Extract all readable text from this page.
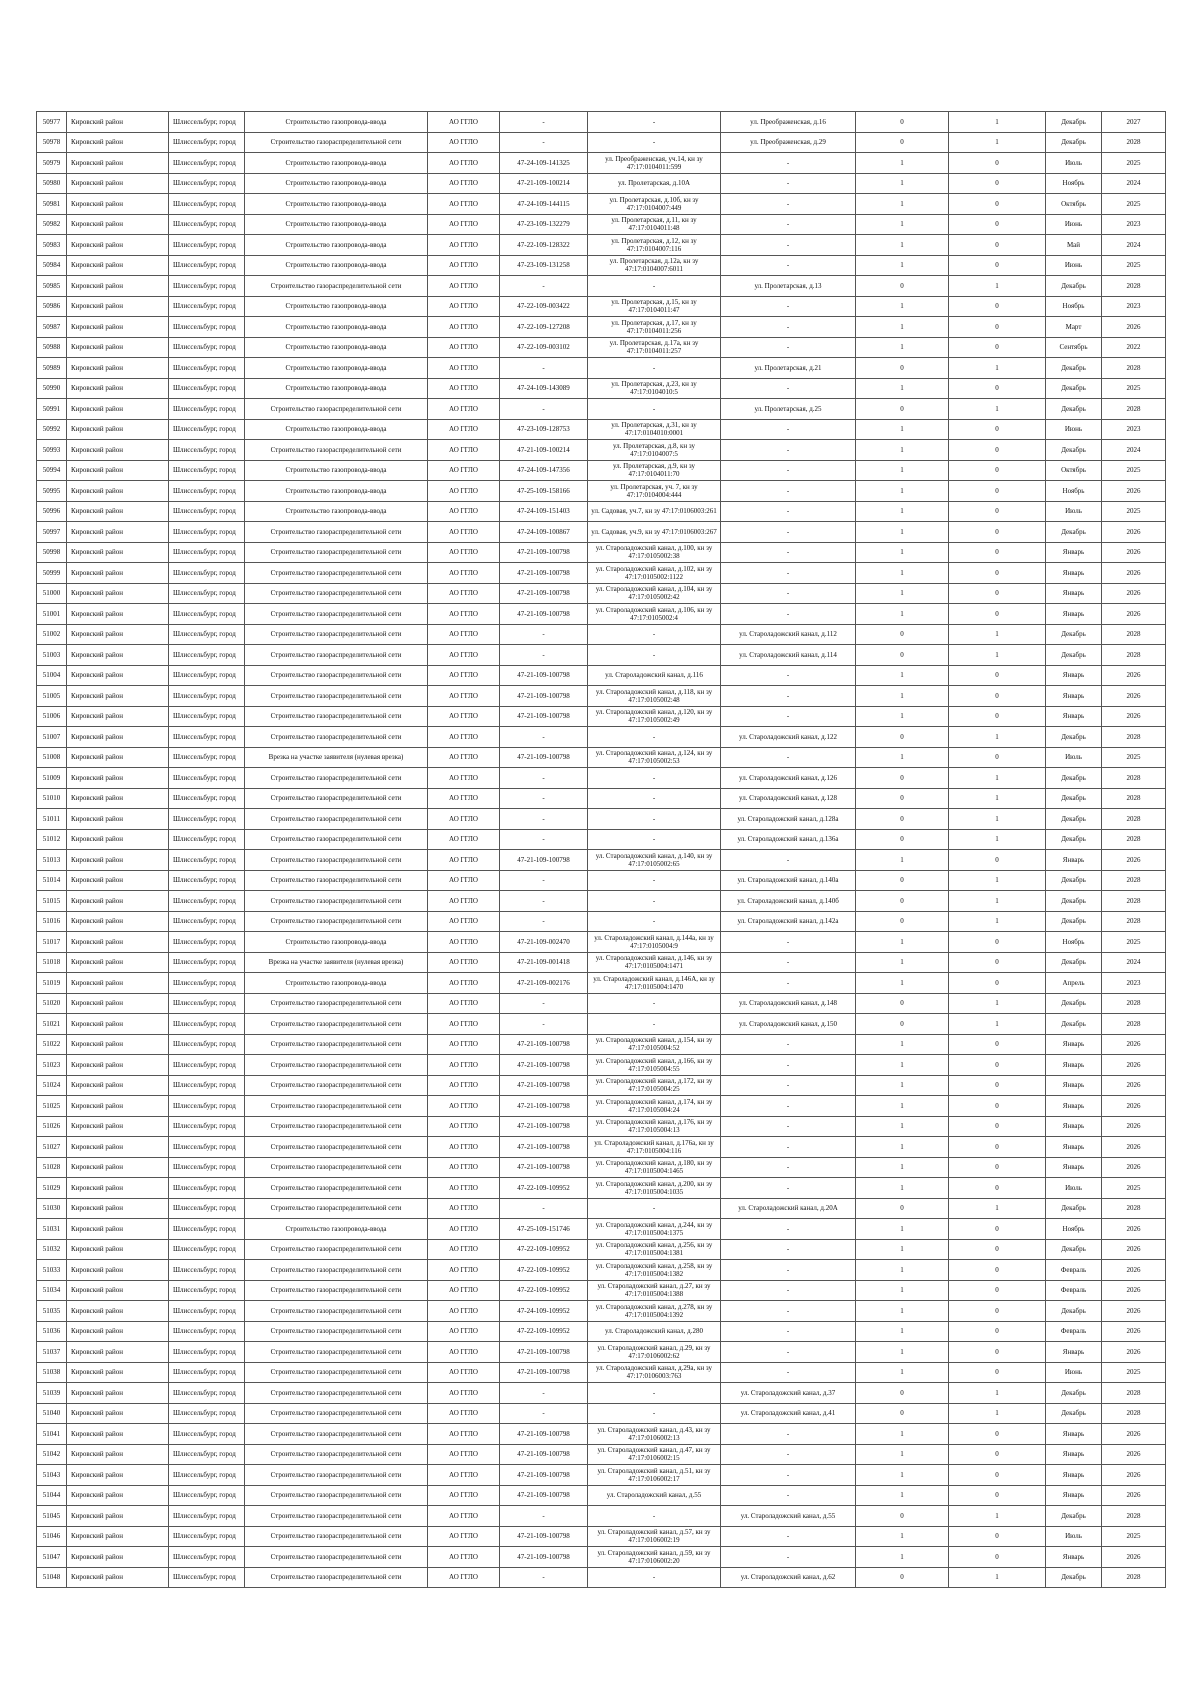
50977	Кировский район	Шлиссельбург, город	Строительство газопровода-ввода	АО ГГЛО	-	-	ул. Преображенская, д.16	0	1	Декабрь	2027
50978	Кировский район	Шлиссельбург, город	Строительство газораспределительной сети	АО ГГЛО	-	-	ул. Преображенская, д.29	0	1	Декабрь	2028
50979	Кировский район	Шлиссельбург, город	Строительство газопровода-ввода	АО ГГЛО	47-24-109-141325	ул. Преображенская, уч.14, кн зу 47:17:0104011:599	-	1	0	Июль	2025
50980	Кировский район	Шлиссельбург, город	Строительство газопровода-ввода	АО ГГЛО	47-21-109-100214	ул. Пролетарская, д.10А	-	1	0	Ноябрь	2024
50981	Кировский район	Шлиссельбург, город	Строительство газопровода-ввода	АО ГГЛО	47-24-109-144115	ул. Пролетарская, д.10б, кн зу 47:17:0104007:449	-	1	0	Октябрь	2025
50982	Кировский район	Шлиссельбург, город	Строительство газопровода-ввода	АО ГГЛО	47-23-109-132279	ул. Пролетарская, д.11, кн зу 47:17:0104011:48	-	1	0	Июнь	2023
50983	Кировский район	Шлиссельбург, город	Строительство газопровода-ввода	АО ГГЛО	47-22-109-128322	ул. Пролетарская, д.12, кн зу 47:17:0104007:116	-	1	0	Май	2024
50984	Кировский район	Шлиссельбург, город	Строительство газопровода-ввода	АО ГГЛО	47-23-109-131258	ул. Пролетарская, д.12а, кн зу 47:17:0104007:6011	-	1	0	Июнь	2025
50985	Кировский район	Шлиссельбург, город	Строительство газораспределительной сети	АО ГГЛО	-	-	ул. Пролетарская, д.13	0	1	Декабрь	2028
50986	Кировский район	Шлиссельбург, город	Строительство газопровода-ввода	АО ГГЛО	47-22-109-003422	ул. Пролетарская, д.15, кн зу 47:17:0104011:47	-	1	0	Ноябрь	2023
50987	Кировский район	Шлиссельбург, город	Строительство газопровода-ввода	АО ГГЛО	47-22-109-127208	ул. Пролетарская, д.17, кн зу 47:17:0104011:256	-	1	0	Март	2026
50988	Кировский район	Шлиссельбург, город	Строительство газопровода-ввода	АО ГГЛО	47-22-109-003102	ул. Пролетарская, д.17а, кн зу 47:17:0104011:257	-	1	0	Сентябрь	2022
50989	Кировский район	Шлиссельбург, город	Строительство газопровода-ввода	АО ГГЛО	-	-	ул. Пролетарская, д.21	0	1	Декабрь	2028
50990	Кировский район	Шлиссельбург, город	Строительство газопровода-ввода	АО ГГЛО	47-24-109-143089	ул. Пролетарская, д.23, кн зу 47:17:0104010:5	-	1	0	Декабрь	2025
50991	Кировский район	Шлиссельбург, город	Строительство газораспределительной сети	АО ГГЛО	-	-	ул. Пролетарская, д.25	0	1	Декабрь	2028
50992	Кировский район	Шлиссельбург, город	Строительство газопровода-ввода	АО ГГЛО	47-23-109-128753	ул. Пролетарская, д.31, кн зу 47:17:0104010:0001	-	1	0	Июнь	2023
50993	Кировский район	Шлиссельбург, город	Строительство газораспределительной сети	АО ГГЛО	47-21-109-100214	ул. Пролетарская, д.8, кн зу 47:17:0104007:5	-	1	0	Декабрь	2024
50994	Кировский район	Шлиссельбург, город	Строительство газопровода-ввода	АО ГГЛО	47-24-109-147356	ул. Пролетарская, д.9, кн зу 47:17:0104011:70	-	1	0	Октябрь	2025
50995	Кировский район	Шлиссельбург, город	Строительство газопровода-ввода	АО ГГЛО	47-25-109-158166	ул. Пролетарская, уч. 7, кн зу 47:17:0104004:444	-	1	0	Ноябрь	2026
50996	Кировский район	Шлиссельбург, город	Строительство газопровода-ввода	АО ГГЛО	47-24-109-151403	ул. Садовая, уч.7, кн зу 47:17:0106003:261	-	1	0	Июль	2025
50997	Кировский район	Шлиссельбург, город	Строительство газораспределительной сети	АО ГГЛО	47-24-109-100867	ул. Садовая, уч.9, кн зу 47:17:0106003:267	-	1	0	Декабрь	2026
50998	Кировский район	Шлиссельбург, город	Строительство газораспределительной сети	АО ГГЛО	47-21-109-100798	ул. Староладожский канал, д.100, кн зу 47:17:0105002:38	-	1	0	Январь	2026
50999	Кировский район	Шлиссельбург, город	Строительство газораспределительной сети	АО ГГЛО	47-21-109-100798	ул. Староладожский канал, д.102, кн зу 47:17:0105002:1122	-	1	0	Январь	2026
51000	Кировский район	Шлиссельбург, город	Строительство газораспределительной сети	АО ГГЛО	47-21-109-100798	ул. Староладожский канал, д.104, кн зу 47:17:0105002:42	-	1	0	Январь	2026
51001	Кировский район	Шлиссельбург, город	Строительство газораспределительной сети	АО ГГЛО	47-21-109-100798	ул. Староладожский канал, д.106, кн зу 47:17:0105002:4	-	1	0	Январь	2026
51002	Кировский район	Шлиссельбург, город	Строительство газораспределительной сети	АО ГГЛО	-	-	ул. Староладожский канал, д.112	0	1	Декабрь	2028
51003	Кировский район	Шлиссельбург, город	Строительство газораспределительной сети	АО ГГЛО	-	-	ул. Староладожский канал, д.114	0	1	Декабрь	2028
51004	Кировский район	Шлиссельбург, город	Строительство газораспределительной сети	АО ГГЛО	47-21-109-100798	ул. Староладожский канал, д.116	-	1	0	Январь	2026
51005	Кировский район	Шлиссельбург, город	Строительство газораспределительной сети	АО ГГЛО	47-21-109-100798	ул. Староладожский канал, д.118, кн зу 47:17:0105002:48	-	1	0	Январь	2026
51006	Кировский район	Шлиссельбург, город	Строительство газораспределительной сети	АО ГГЛО	47-21-109-100798	ул. Староладожский канал, д.120, кн зу 47:17:0105002:49	-	1	0	Январь	2026
51007	Кировский район	Шлиссельбург, город	Строительство газораспределительной сети	АО ГГЛО	-	-	ул. Староладожский канал, д.122	0	1	Декабрь	2028
51008	Кировский район	Шлиссельбург, город	Врезка на участке заявителя (нулевая врезка)	АО ГГЛО	47-21-109-100798	ул. Староладожский канал, д.124, кн зу 47:17:0105002:53	-	1	0	Июль	2025
51009	Кировский район	Шлиссельбург, город	Строительство газораспределительной сети	АО ГГЛО	-	-	ул. Староладожский канал, д.126	0	1	Декабрь	2028
51010	Кировский район	Шлиссельбург, город	Строительство газораспределительной сети	АО ГГЛО	-	-	ул. Староладожский канал, д.128	0	1	Декабрь	2028
51011	Кировский район	Шлиссельбург, город	Строительство газораспределительной сети	АО ГГЛО	-	-	ул. Староладожский канал, д.128а	0	1	Декабрь	2028
51012	Кировский район	Шлиссельбург, город	Строительство газораспределительной сети	АО ГГЛО	-	-	ул. Староладожский канал, д.136а	0	1	Декабрь	2028
51013	Кировский район	Шлиссельбург, город	Строительство газораспределительной сети	АО ГГЛО	47-21-109-100798	ул. Староладожский канал, д.140, кн зу 47:17:0105002:65	-	1	0	Январь	2026
51014	Кировский район	Шлиссельбург, город	Строительство газораспределительной сети	АО ГГЛО	-	-	ул. Староладожский канал, д.140а	0	1	Декабрь	2028
51015	Кировский район	Шлиссельбург, город	Строительство газораспределительной сети	АО ГГЛО	-	-	ул. Староладожский канал, д.140б	0	1	Декабрь	2028
51016	Кировский район	Шлиссельбург, город	Строительство газораспределительной сети	АО ГГЛО	-	-	ул. Староладожский канал, д.142а	0	1	Декабрь	2028
51017	Кировский район	Шлиссельбург, город	Строительство газопровода-ввода	АО ГГЛО	47-21-109-002470	ул. Староладожский канал, д.144а, кн зу 47:17:0105004:9	-	1	0	Ноябрь	2025
51018	Кировский район	Шлиссельбург, город	Врезка на участке заявителя (нулевая врезка)	АО ГГЛО	47-21-109-001418	ул. Староладожский канал, д.146, кн зу 47:17:0105004:1471	-	1	0	Декабрь	2024
51019	Кировский район	Шлиссельбург, город	Строительство газопровода-ввода	АО ГГЛО	47-21-109-002176	ул. Староладожский канал, д.146А, кн зу 47:17:0105004:1470	-	1	0	Апрель	2023
51020	Кировский район	Шлиссельбург, город	Строительство газораспределительной сети	АО ГГЛО	-	-	ул. Староладожский канал, д.148	0	1	Декабрь	2028
51021	Кировский район	Шлиссельбург, город	Строительство газораспределительной сети	АО ГГЛО	-	-	ул. Староладожский канал, д.150	0	1	Декабрь	2028
51022	Кировский район	Шлиссельбург, город	Строительство газораспределительной сети	АО ГГЛО	47-21-109-100798	ул. Староладожский канал, д.154, кн зу 47:17:0105004:52	-	1	0	Январь	2026
51023	Кировский район	Шлиссельбург, город	Строительство газораспределительной сети	АО ГГЛО	47-21-109-100798	ул. Староладожский канал, д.166, кн зу 47:17:0105004:55	-	1	0	Январь	2026
51024	Кировский район	Шлиссельбург, город	Строительство газораспределительной сети	АО ГГЛО	47-21-109-100798	ул. Староладожский канал, д.172, кн зу 47:17:0105004:25	-	1	0	Январь	2026
51025	Кировский район	Шлиссельбург, город	Строительство газораспределительной сети	АО ГГЛО	47-21-109-100798	ул. Староладожский канал, д.174, кн зу 47:17:0105004:24	-	1	0	Январь	2026
51026	Кировский район	Шлиссельбург, город	Строительство газораспределительной сети	АО ГГЛО	47-21-109-100798	ул. Староладожский канал, д.176, кн зу 47:17:0105004:13	-	1	0	Январь	2026
51027	Кировский район	Шлиссельбург, город	Строительство газораспределительной сети	АО ГГЛО	47-21-109-100798	ул. Староладожский канал, д.176а, кн зу 47:17:0105004:116	-	1	0	Январь	2026
51028	Кировский район	Шлиссельбург, город	Строительство газораспределительной сети	АО ГГЛО	47-21-109-100798	ул. Староладожский канал, д.180, кн зу 47:17:0105004:1465	-	1	0	Январь	2026
51029	Кировский район	Шлиссельбург, город	Строительство газораспределительной сети	АО ГГЛО	47-22-109-109952	ул. Староладожский канал, д.200, кн зу 47:17:0105004:1035	-	1	0	Июль	2025
51030	Кировский район	Шлиссельбург, город	Строительство газораспределительной сети	АО ГГЛО	-	-	ул. Староладожский канал, д.20А	0	1	Декабрь	2028
51031	Кировский район	Шлиссельбург, город	Строительство газопровода-ввода	АО ГГЛО	47-25-109-151746	ул. Староладожский канал, д.244, кн зу 47:17:0105004:1375	-	1	0	Ноябрь	2026
51032	Кировский район	Шлиссельбург, город	Строительство газораспределительной сети	АО ГГЛО	47-22-109-109952	ул. Староладожский канал, д.256, кн зу 47:17:0105004:1381	-	1	0	Декабрь	2026
51033	Кировский район	Шлиссельбург, город	Строительство газораспределительной сети	АО ГГЛО	47-22-109-109952	ул. Староладожский канал, д.258, кн зу 47:17:0105004:1382	-	1	0	Февраль	2026
51034	Кировский район	Шлиссельбург, город	Строительство газораспределительной сети	АО ГГЛО	47-22-109-109952	ул. Староладожский канал, д.27, кн зу 47:17:0105004:1388	-	1	0	Февраль	2026
51035	Кировский район	Шлиссельбург, город	Строительство газораспределительной сети	АО ГГЛО	47-24-109-109952	ул. Староладожский канал, д.278, кн зу 47:17:0105004:1392	-	1	0	Декабрь	2026
51036	Кировский район	Шлиссельбург, город	Строительство газораспределительной сети	АО ГГЛО	47-22-109-109952	ул. Староладожский канал, д.280	-	1	0	Февраль	2026
51037	Кировский район	Шлиссельбург, город	Строительство газораспределительной сети	АО ГГЛО	47-21-109-100798	ул. Староладожский канал, д.29, кн зу 47:17:0106002:62	-	1	0	Январь	2026
51038	Кировский район	Шлиссельбург, город	Строительство газораспределительной сети	АО ГГЛО	47-21-109-100798	ул. Староладожский канал, д.29а, кн зу 47:17:0106003:763	-	1	0	Июнь	2025
51039	Кировский район	Шлиссельбург, город	Строительство газораспределительной сети	АО ГГЛО	-	-	ул. Староладожский канал, д.37	0	1	Декабрь	2028
51040	Кировский район	Шлиссельбург, город	Строительство газораспределительной сети	АО ГГЛО	-	-	ул. Староладожский канал, д.41	0	1	Декабрь	2028
51041	Кировский район	Шлиссельбург, город	Строительство газораспределительной сети	АО ГГЛО	47-21-109-100798	ул. Староладожский канал, д.43, кн зу 47:17:0106002:13	-	1	0	Январь	2026
51042	Кировский район	Шлиссельбург, город	Строительство газораспределительной сети	АО ГГЛО	47-21-109-100798	ул. Староладожский канал, д.47, кн зу 47:17:0106002:15	-	1	0	Январь	2026
51043	Кировский район	Шлиссельбург, город	Строительство газораспределительной сети	АО ГГЛО	47-21-109-100798	ул. Староладожский канал, д.51, кн зу 47:17:0106002:17	-	1	0	Январь	2026
51044	Кировский район	Шлиссельбург, город	Строительство газораспределительной сети	АО ГГЛО	47-21-109-100798	ул. Староладожский канал, д.55	-	1	0	Январь	2026
51045	Кировский район	Шлиссельбург, город	Строительство газораспределительной сети	АО ГГЛО	-	-	ул. Староладожский канал, д.55	0	1	Декабрь	2028
51046	Кировский район	Шлиссельбург, город	Строительство газораспределительной сети	АО ГГЛО	47-21-109-100798	ул. Староладожский канал, д.57, кн зу 47:17:0106002:19	-	1	0	Июль	2025
51047	Кировский район	Шлиссельбург, город	Строительство газораспределительной сети	АО ГГЛО	47-21-109-100798	ул. Староладожский канал, д.59, кн зу 47:17:0106002:20	-	1	0	Январь	2026
51048	Кировский район	Шлиссельбург, город	Строительство газораспределительной сети	АО ГГЛО	-	-	ул. Староладожский канал, д.62	0	1	Декабрь	2028
